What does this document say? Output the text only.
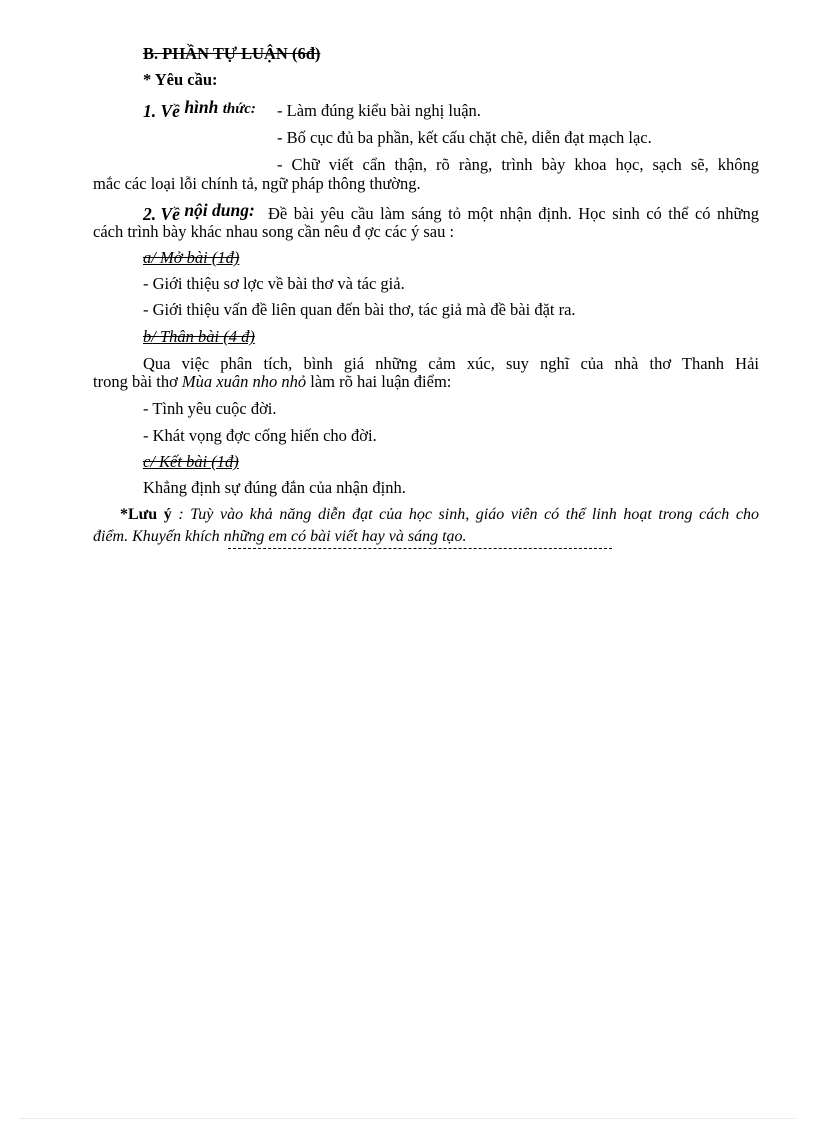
B. PHẦN TỰ LUẬN (6đ)
* Yêu cầu:
1. Về hình thức: - Làm đúng kiểu bài nghị luận.
- Bố cục đủ ba phần, kết cấu chặt chẽ, diễn đạt mạch lạc.
- Chữ viết cẩn thận, rõ ràng, trình bày khoa học, sạch sẽ, không
mắc các loại lỗi chính tả, ngữ pháp thông thường.
2. Về nội dung: Đề bài yêu cầu làm sáng tỏ một nhận định. Học sinh có thể có những
cách trình bày khác nhau song cần nêu đ ợc các ý sau :
a/ Mở bài (1đ)
- Giới thiệu sơ lợc về bài thơ và tác giả.
- Giới thiệu vấn đề liên quan đến bài thơ, tác giả mà đề bài đặt ra.
b/ Thân bài (4 đ)
Qua việc phân tích, bình giá những cảm xúc, suy nghĩ của nhà thơ Thanh Hải
trong bài thơ Mùa xuân nho nhỏ làm rõ hai luận điểm:
- Tình yêu cuộc đời.
- Khát vọng đợc cống hiến cho đời.
c/ Kết bài (1đ)
Khẳng định sự đúng đắn của nhận định.
*Lưu ý : Tuỳ vào khả năng diễn đạt của học sinh, giáo viên có thể linh hoạt trong cách cho
điểm. Khuyến khích những em có bài viết hay và sáng tạo.
